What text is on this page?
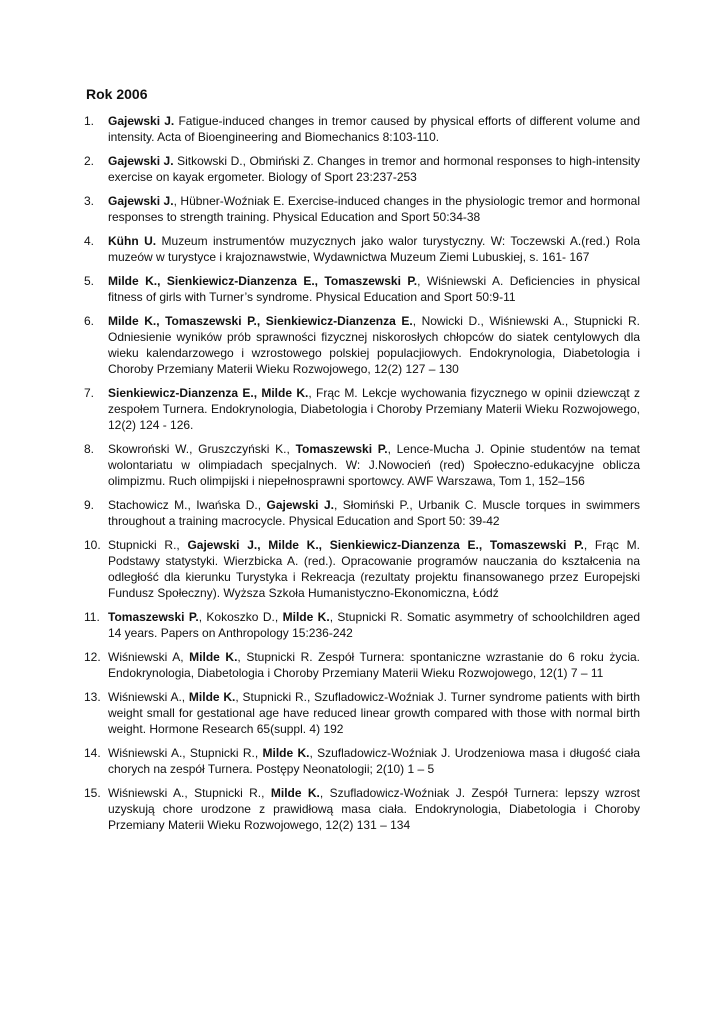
Rok 2006
1.	Gajewski J. Fatigue-induced changes in tremor caused by physical efforts of different volume and intensity. Acta of Bioengineering and Biomechanics 8:103-110.
2.	Gajewski J. Sitkowski D., Obmiński Z. Changes in tremor and hormonal responses to high-intensity exercise on kayak ergometer. Biology of Sport 23:237-253
3.	Gajewski J., Hübner-Woźniak E. Exercise-induced changes in the physiologic tremor and hormonal responses to strength training. Physical Education and Sport 50:34-38
4.	Kühn U. Muzeum instrumentów muzycznych jako walor turystyczny. W: Toczewski A.(red.) Rola muzeów w turystyce i krajoznawstwie, Wydawnictwa Muzeum Ziemi Lubuskiej, s. 161- 167
5.	Milde K., Sienkiewicz-Dianzenza E., Tomaszewski P., Wiśniewski A. Deficiencies in physical fitness of girls with Turner’s syndrome. Physical Education and Sport 50:9-11
6.	Milde K., Tomaszewski P., Sienkiewicz-Dianzenza E., Nowicki D., Wiśniewski A., Stupnicki R. Odniesienie wyników prób sprawności fizycznej niskorosłych chłopców do siatek centylowych dla wieku kalendarzowego i wzrostowego polskiej populacjiowych. Endokrynologia, Diabetologia i Choroby Przemiany Materii Wieku Rozwojowego, 12(2) 127 – 130
7.	Sienkiewicz-Dianzenza E., Milde K., Frąc M. Lekcje wychowania fizycznego w opinii dziewcząt z zespołem Turnera. Endokrynologia, Diabetologia i Choroby Przemiany Materii Wieku Rozwojowego, 12(2) 124 - 126.
8.	Skowroński W., Gruszczyński K., Tomaszewski P., Lence-Mucha J. Opinie studentów na temat wolontariatu w olimpiadach specjalnych. W: J.Nowocień (red) Społeczno-edukacyjne oblicza olimpizmu. Ruch olimpijski i niepełnosprawni sportowcy. AWF Warszawa, Tom 1, 152–156
9.	Stachowicz M., Iwańska D., Gajewski J., Słomiński P., Urbanik C. Muscle torques in swimmers throughout a training macrocycle. Physical Education and Sport 50: 39-42
10. Stupnicki R., Gajewski J., Milde K., Sienkiewicz-Dianzenza E., Tomaszewski P., Frąc M. Podstawy statystyki. Wierzbicka A. (red.). Opracowanie programów nauczania do kształcenia na odległość dla kierunku Turystyka i Rekreacja (rezultaty projektu finansowanego przez Europejski Fundusz Społeczny). Wyższa Szkoła Humanistyczno-Ekonomiczna, Łódź
11. Tomaszewski P., Kokoszko D., Milde K., Stupnicki R. Somatic asymmetry of schoolchildren aged 14 years. Papers on Anthropology 15:236-242
12. Wiśniewski A, Milde K., Stupnicki R. Zespół Turnera: spontaniczne wzrastanie do 6 roku życia. Endokrynologia, Diabetologia i Choroby Przemiany Materii Wieku Rozwojowego, 12(1) 7 – 11
13. Wiśniewski A., Milde K., Stupnicki R., Szufladowicz-Woźniak J. Turner syndrome patients with birth weight small for gestational age have reduced linear growth compared with those with normal birth weight. Hormone Research 65(suppl. 4) 192
14. Wiśniewski A., Stupnicki R., Milde K., Szufladowicz-Woźniak J. Urodzeniowa masa i długość ciała chorych na zespół Turnera. Postępy Neonatologii; 2(10) 1 – 5
15. Wiśniewski A., Stupnicki R., Milde K., Szufladowicz-Woźniak J. Zespół Turnera: lepszy wzrost uzyskują chore urodzone z prawidłową masa ciała. Endokrynologia, Diabetologia i Choroby Przemiany Materii Wieku Rozwojowego, 12(2) 131 – 134
